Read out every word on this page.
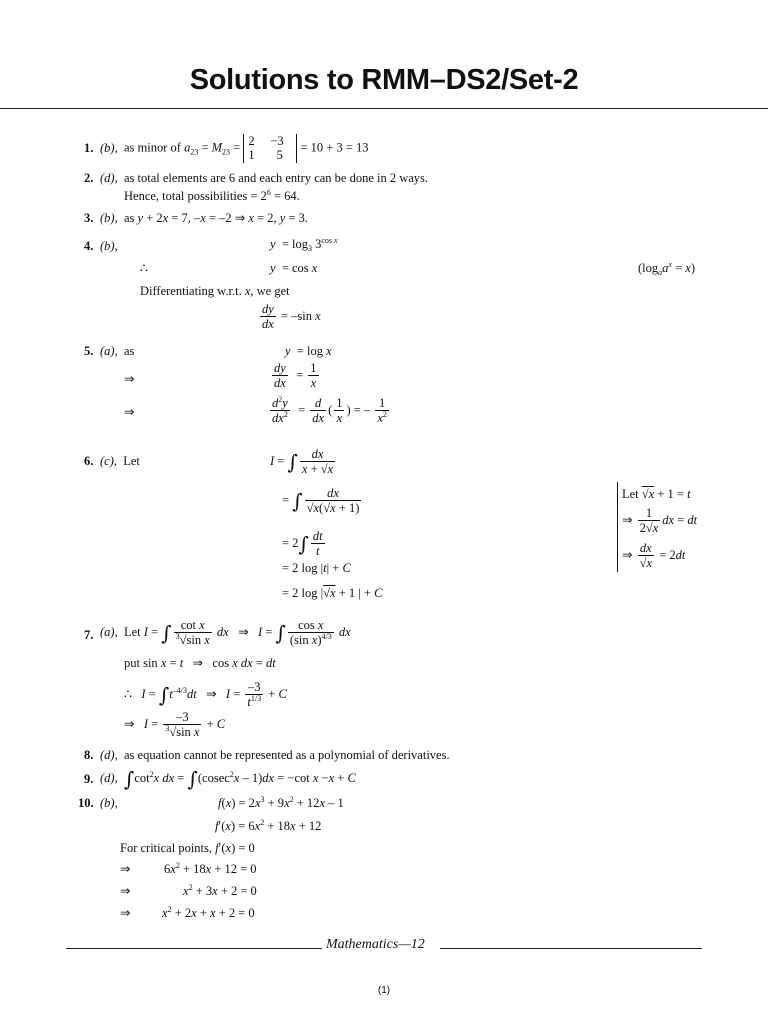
Solutions to RMM–DS2/Set-2
1. (b), as minor of $a_{23} = M_{23} = 2 -3$
1  5 = 10 + 3 = 13
2. (d), as total elements are 6 and each entry can be done in 2 ways.
Hence, total possibilities = $2^6 = 64$.
3. (b), as y + 2x = 7, –x = –2 ⇒ x = 2, y = 3.
4. (b),	$y = \log_3 3^{cos x}$
∴	y  = cos x	$(\log_aa^x = x)$
Differentiating w.r.t. x, we get
$\frac{dy}{dx} = -\sin$ x
5. (a),  as	y  = log x
⇒	$\frac{dy}{dx} = \frac{1}{x}$
⇒	$\frac{d^2y}{dx^2} = \frac{d}{dx}$ ( $\frac{1}{x}$ ) = – $\frac{1}{x^2}$
6. (c),  Let	I = ∫ $\frac{dx}{x + √x}$
= ∫ $\frac{dx}{√x(√x + 1)}$
= $2\int \frac{dt}{t}$
= 2 log |t| + C
= 2 log |√x + 1 | + C
Let √x + 1 = t
⇒ $\frac{1}{2√x}$ dx = dt
⇒ $\frac{dx}{√x} = 2dt$
7. (a),  Let I = ∫ $\frac{\text{cot x}}{^3√\sin x}$ dx   ⇒   I = ∫ $\frac{\text{cos x}}{(\sin x)^{4/3}}$ dx
put sin x = t   ⇒   cos x dx = dt
∴   $I = \int t^{-4/3}dt$   ⇒   $I = \frac{-3}{t^{1/3}} + C$
⇒   $I = \frac{-3}{^3√\sin x} + C$
8. (d), as equation cannot be represented as a polynomial of derivatives.
9. (d),  $\int\cot^2x$ dx = ∫(cosec$^2$x – 1)dx = −cot x −x + C
10. (b),	$f(x) = 2x^3 + 9x^2 + 12x - 1$
$f'(x) = 6x^2 + 18x + 12$
For critical points, f′(x) = 0
⇒	$6x^2 + 18x + 12 = 0$
⇒	$x^2 + 3x + 2 = 0$
⇒	$x^2 + 2x + x + 2 = 0$
Mathematics—12
(1)
